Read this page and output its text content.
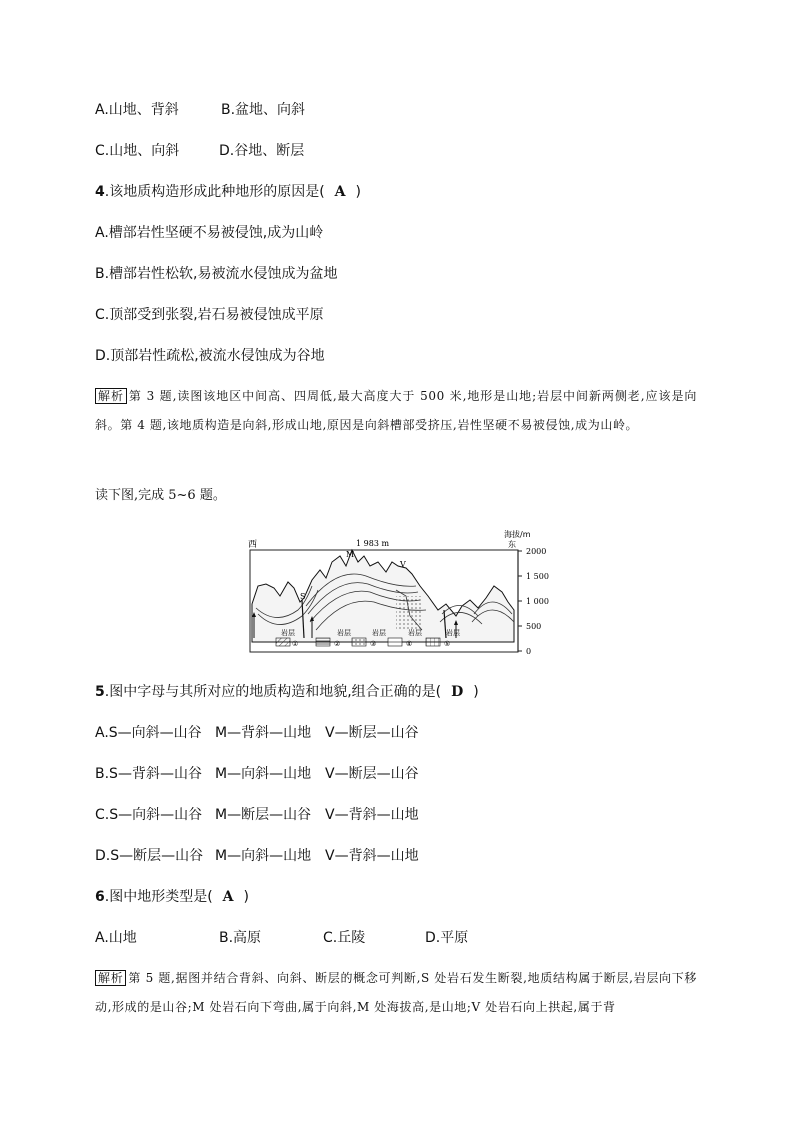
A.山地、背斜	B.盆地、向斜
C.山地、向斜	D.谷地、断层
4.该地质构造形成此种地形的原因是( A )
A.槽部岩性坚硬不易被侵蚀,成为山岭
B.槽部岩性松软,易被流水侵蚀成为盆地
C.顶部受到张裂,岩石易被侵蚀成平原
D.顶部岩性疏松,被流水侵蚀成为谷地
解析 第 3 题,读图该地区中间高、四周低,最大高度大于 500 米,地形是山地;岩层中间新两侧老,应该是向斜。第 4 题,该地质构造是向斜,形成山地,原因是向斜槽部受挤压,岩性坚硬不易被侵蚀,成为山岭。
读下图,完成 5~6 题。
西	东
海拔/m
1 983 m
M
S
V
2000
1 500
1 000
500
0
岩层
①
岩层
②
岩层
③
岩层
④
岩层
⑤
5.图中字母与其所对应的地质构造和地貌,组合正确的是( D )
A.S—向斜—山谷 M—背斜—山地 V—断层—山谷
B.S—背斜—山谷 M—向斜—山地 V—断层—山谷
C.S—向斜—山谷 M—断层—山谷 V—背斜—山地
D.S—断层—山谷 M—向斜—山地 V—背斜—山地
6.图中地形类型是( A )
A.山地	B.高原	C.丘陵	D.平原
解析 第 5 题,据图并结合背斜、向斜、断层的概念可判断,S 处岩石发生断裂,地质结构属于断层,岩层向下移动,形成的是山谷;M 处岩石向下弯曲,属于向斜,M 处海拔高,是山地;V 处岩石向上拱起,属于背
